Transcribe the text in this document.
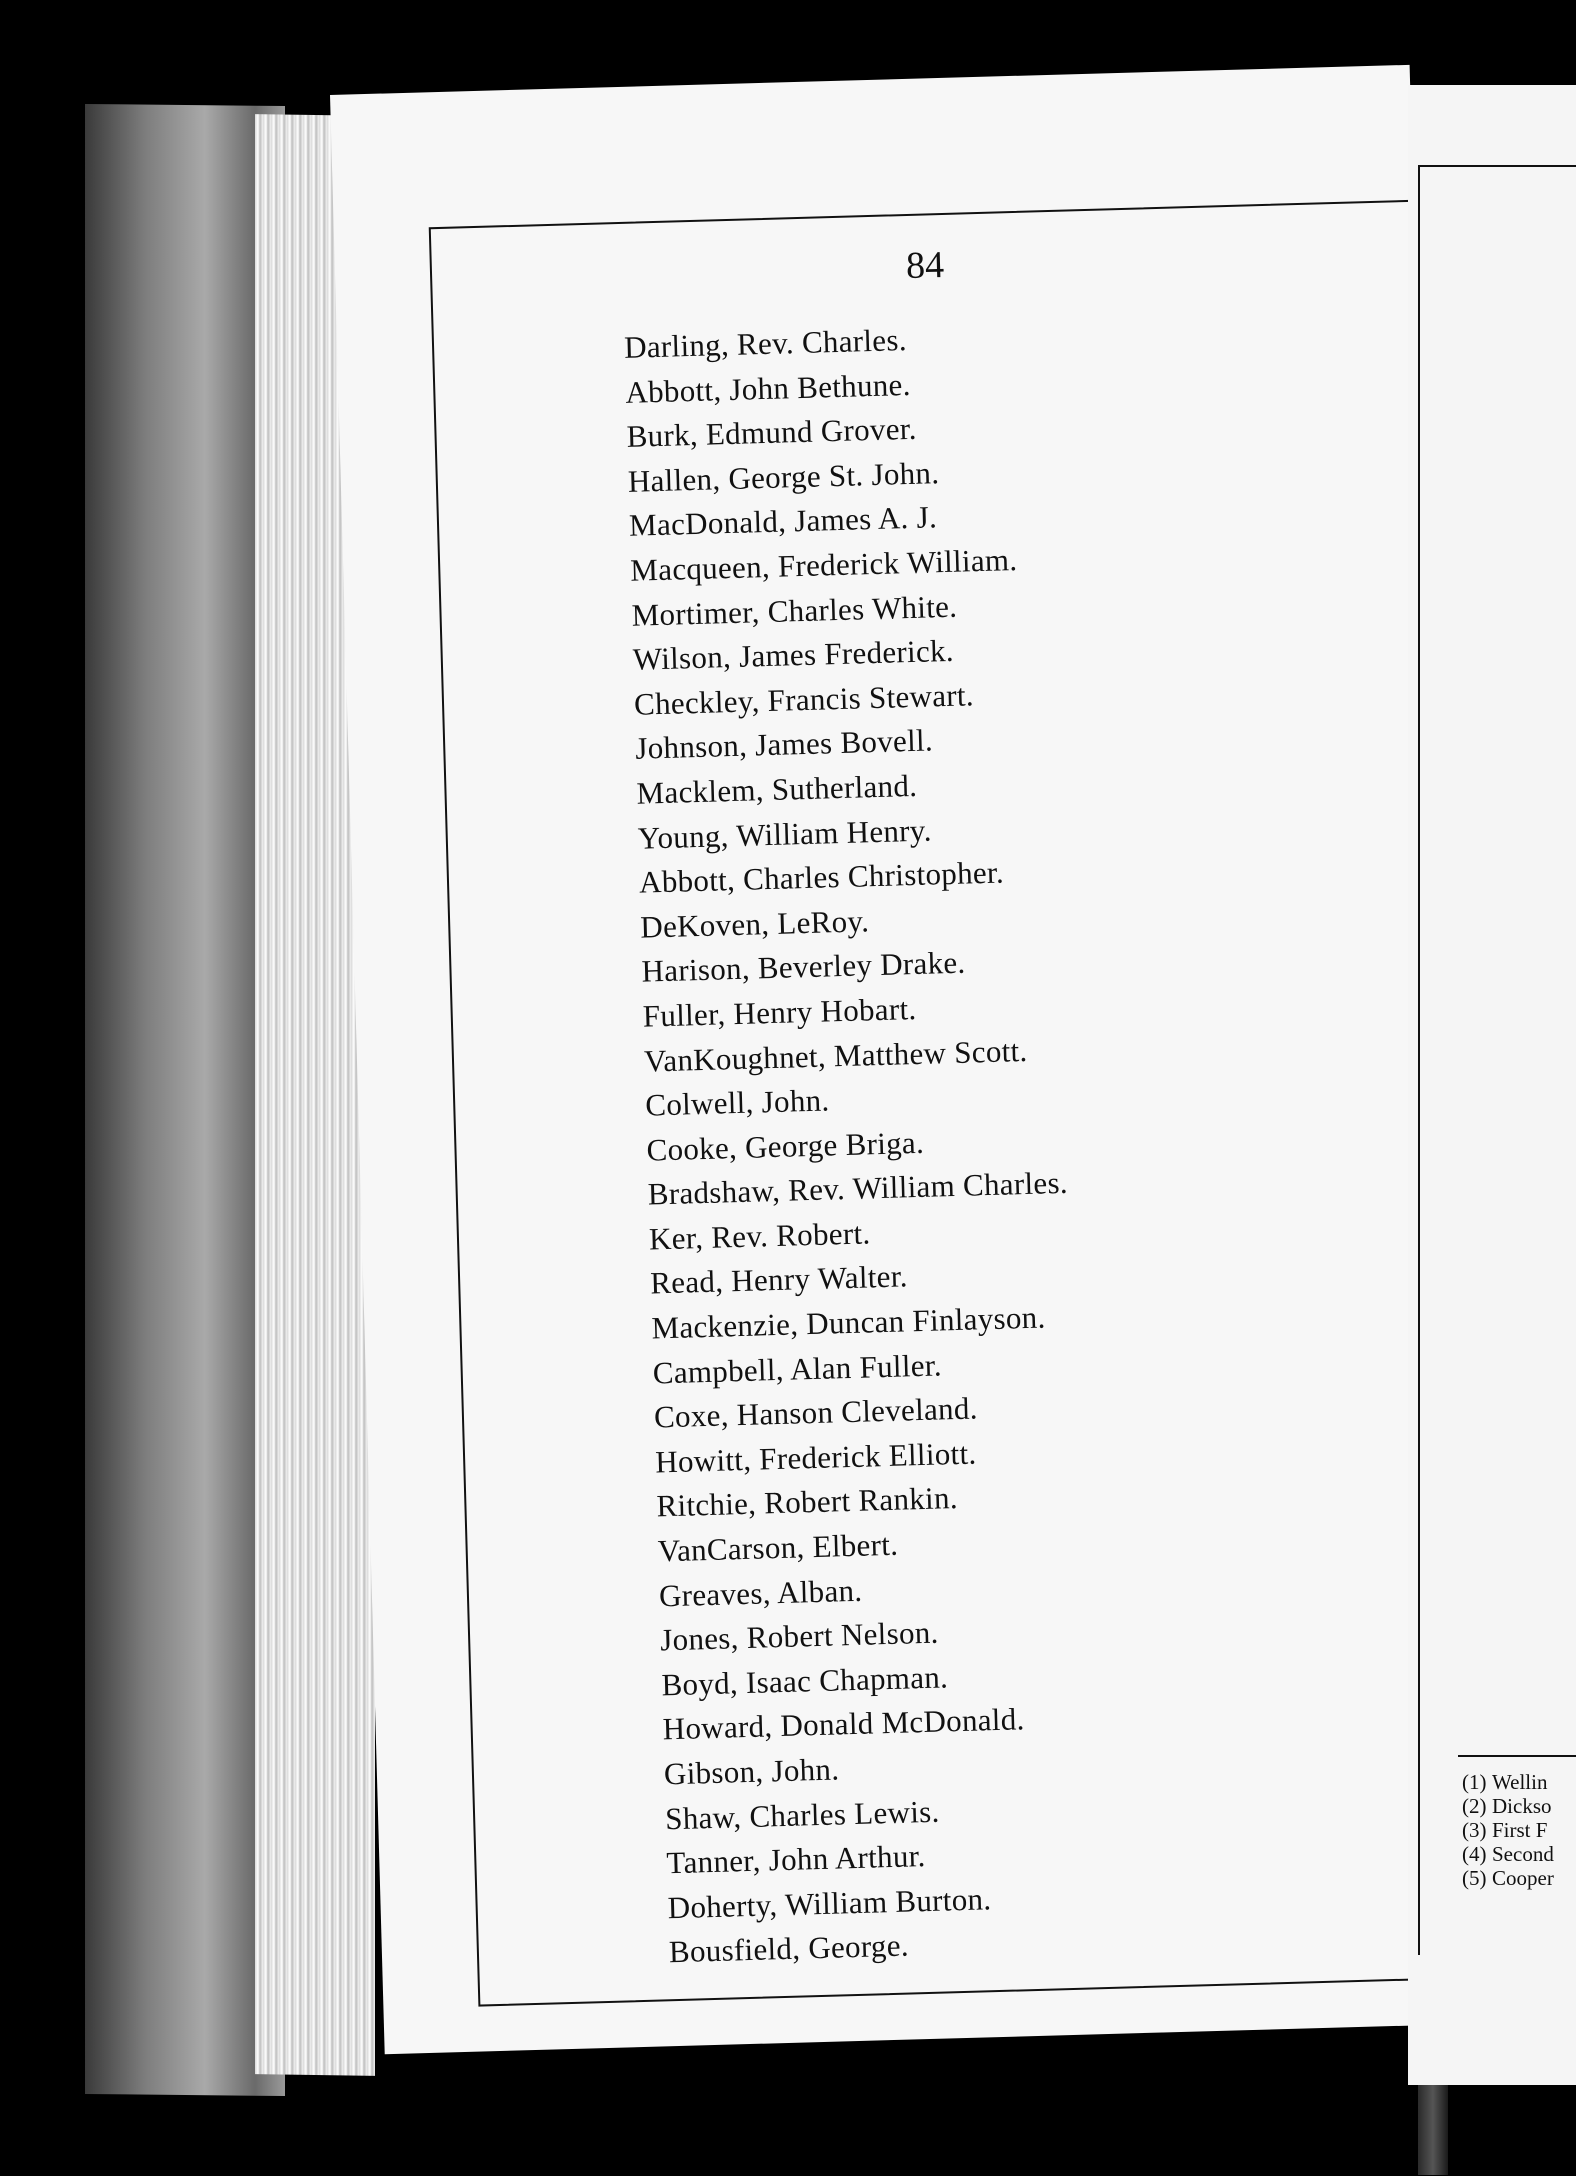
84
Darling, Rev. Charles.
Abbott, John Bethune.
Burk, Edmund Grover.
Hallen, George St. John.
MacDonald, James A. J.
Macqueen, Frederick William.
Mortimer, Charles White.
Wilson, James Frederick.
Checkley, Francis Stewart.
Johnson, James Bovell.
Macklem, Sutherland.
Young, William Henry.
Abbott, Charles Christopher.
DeKoven, LeRoy.
Harison, Beverley Drake.
Fuller, Henry Hobart.
VanKoughnet, Matthew Scott.
Colwell, John.
Cooke, George Briga.
Bradshaw, Rev. William Charles.
Ker, Rev. Robert.
Read, Henry Walter.
Mackenzie, Duncan Finlayson.
Campbell, Alan Fuller.
Coxe, Hanson Cleveland.
Howitt, Frederick Elliott.
Ritchie, Robert Rankin.
VanCarson, Elbert.
Greaves, Alban.
Jones, Robert Nelson.
Boyd, Isaac Chapman.
Howard, Donald McDonald.
Gibson, John.
Shaw, Charles Lewis.
Tanner, John Arthur.
Doherty, William Burton.
Bousfield, George.
(1) Wellin
(2) Dickso
(3) First F
(4) Second
(5) Cooper
